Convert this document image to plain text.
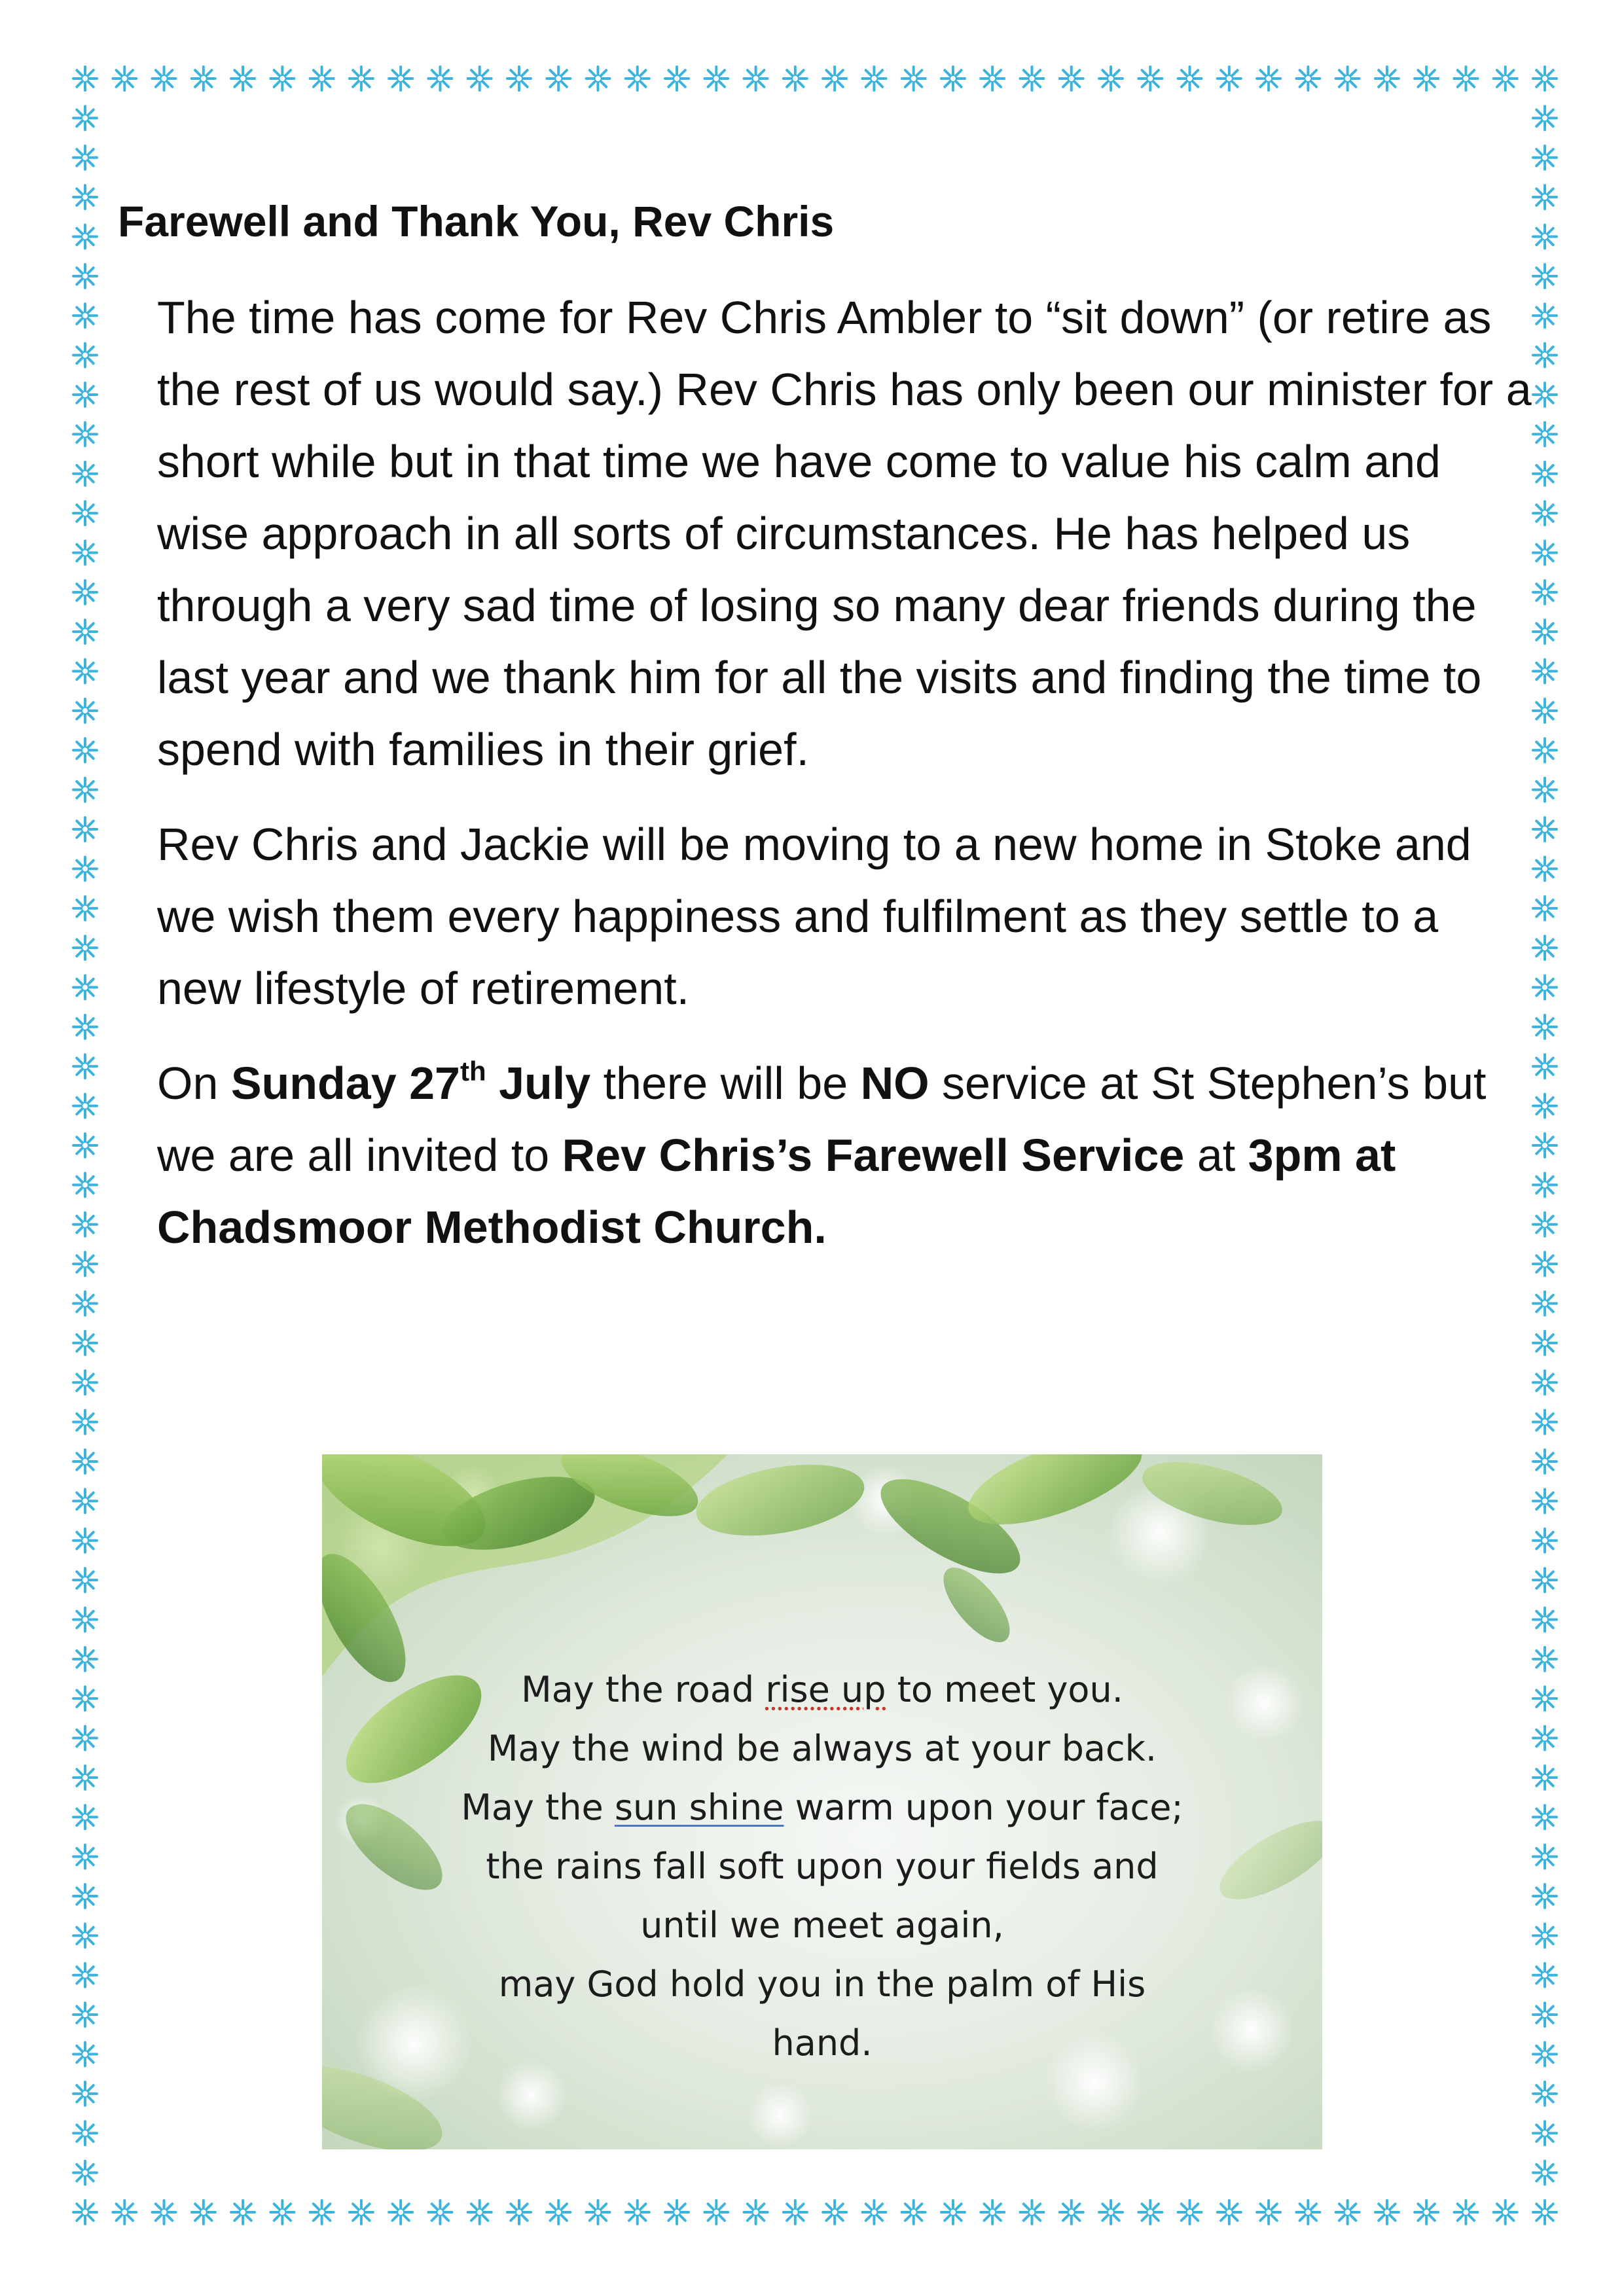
Farewell and Thank You, Rev Chris

The time has come for Rev Chris Ambler to “sit down” (or retire as the rest of us would say.) Rev Chris has only been our minister for a short while but in that time we have come to value his calm and wise approach in all sorts of circumstances. He has helped us through a very sad time of losing so many dear friends during the last year and we thank him for all the visits and finding the time to spend with families in their grief.

Rev Chris and Jackie will be moving to a new home in Stoke and we wish them every happiness and fulfilment as they settle to a new lifestyle of retirement.

On Sunday 27th July there will be NO service at St Stephen’s but we are all invited to Rev Chris’s Farewell Service at 3pm at Chadsmoor Methodist Church.

May the road rise up to meet you.
May the wind be always at your back.
May the sun shine warm upon your face;
the rains fall soft upon your fields and
until we meet again,
may God hold you in the palm of His
hand.
